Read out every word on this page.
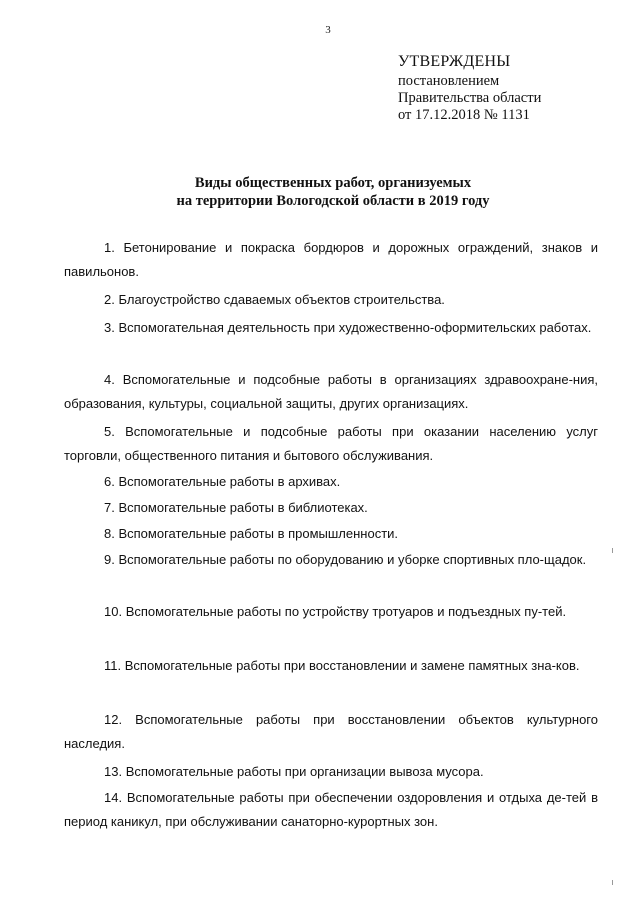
3
УТВЕРЖДЕНЫ
постановлением
Правительства области
от 17.12.2018 № 1131
Виды общественных работ, организуемых
на территории Вологодской области в 2019 году

1. Бетонирование и покраска бордюров и дорожных ограждений, знаков и павильонов.

2. Благоустройство сдаваемых объектов строительства.

3. Вспомогательная деятельность при художественно-оформительских работах.

4. Вспомогательные и подсобные работы в организациях здравоохране-ния, образования, культуры, социальной защиты, других организациях.

5. Вспомогательные и подсобные работы при оказании населению услуг торговли, общественного питания и бытового обслуживания.

6. Вспомогательные работы в архивах.

7. Вспомогательные работы в библиотеках.

8. Вспомогательные работы в промышленности.

9. Вспомогательные работы по оборудованию и уборке спортивных пло-щадок.

10. Вспомогательные работы по устройству тротуаров и подъездных пу-тей.

11. Вспомогательные работы при восстановлении и замене памятных зна-ков.

12. Вспомогательные работы при восстановлении объектов культурного наследия.

13. Вспомогательные работы при организации вывоза мусора.

14. Вспомогательные работы при обеспечении оздоровления и отдыха де-тей в период каникул, при обслуживании санаторно-курортных зон.
